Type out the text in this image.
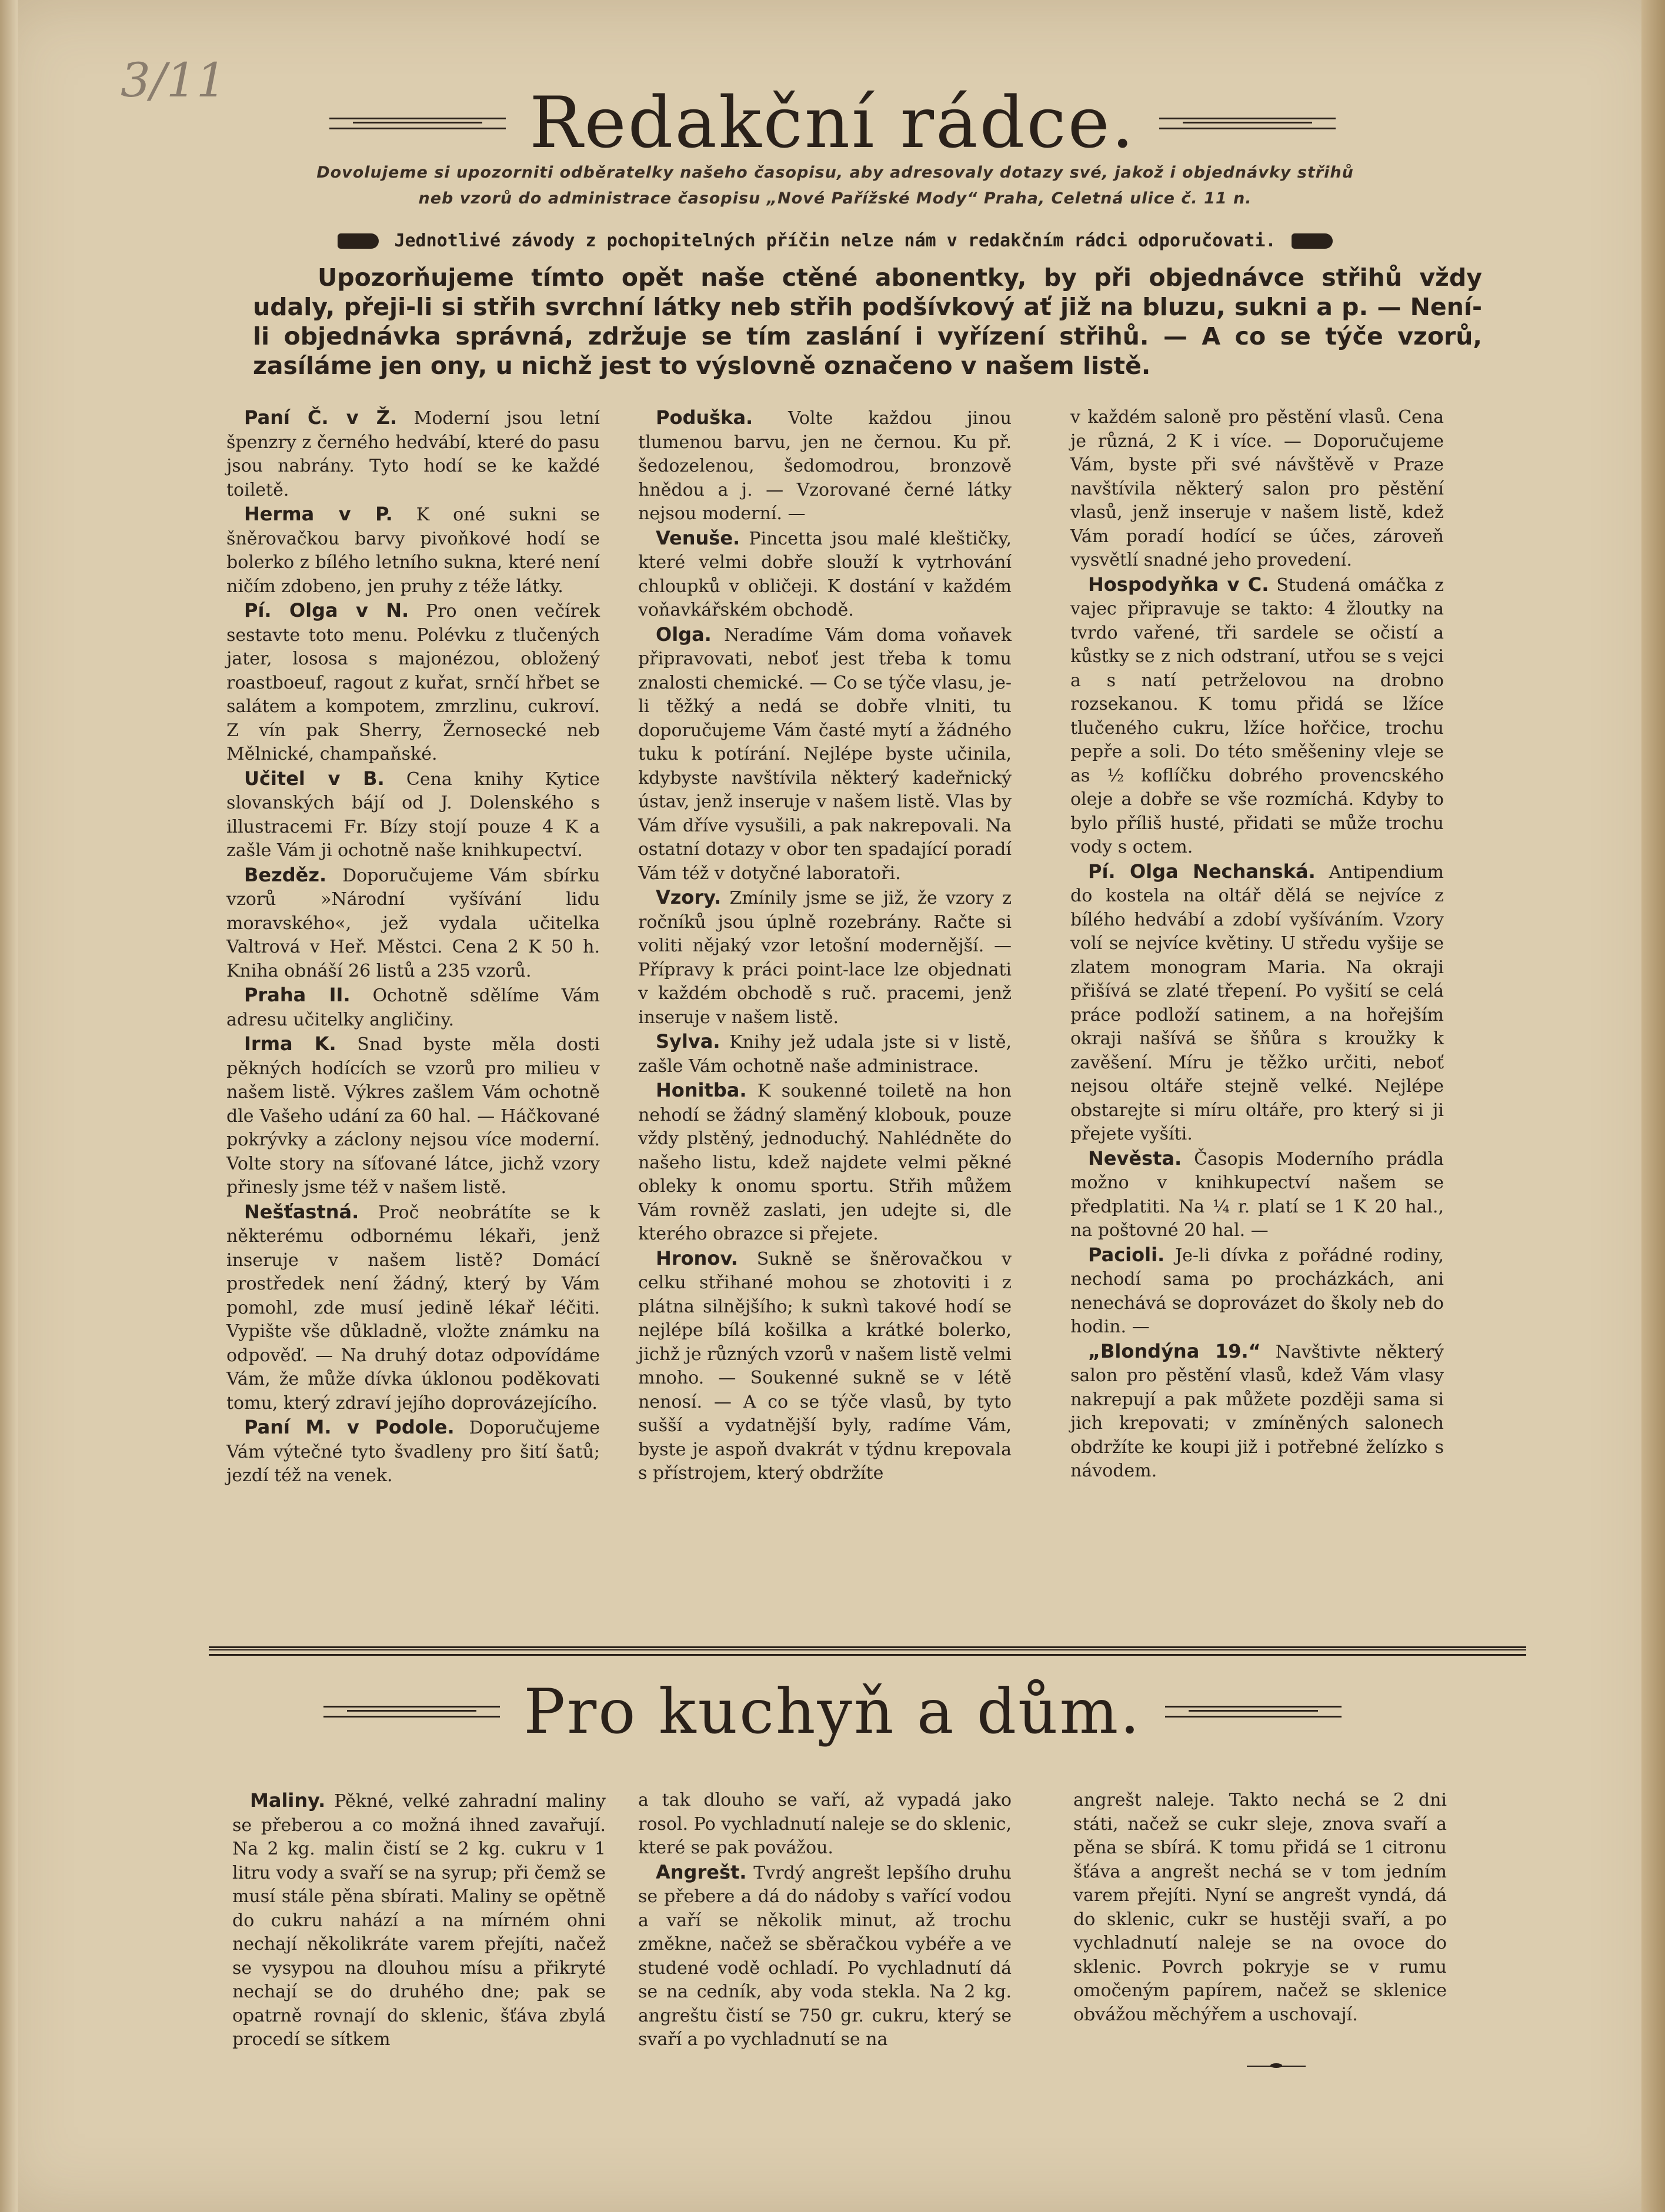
3/11
Redakční rádce.
Dovolujeme si upozorniti odběratelky našeho časopisu, aby adresovaly dotazy své, jakož i objednávky střihů
neb vzorů do administrace časopisu „Nové Pařížské Mody“ Praha, Celetná ulice č. 11 n.
Jednotlivé závody z pochopitelných příčin nelze nám v redakčním rádci odporučovati.
Upozorňujeme tímto opět naše ctěné abonentky, by při objednávce střihů vždy udaly, přeji-li si střih svrchní látky neb střih podšívkový ať již na bluzu, sukni a p. — Není-li objednávka správná, zdržuje se tím zaslání i vyřízení střihů. — A co se týče vzorů, zasíláme jen ony, u nichž jest to výslovně označeno v našem listě.

Paní Č. v Ž. Moderní jsou letní špenzry z černého hedvábí, které do pasu jsou nabrány. Tyto hodí se ke každé toiletě.

Herma v P. K oné sukni se šněrovačkou barvy pivoňkové hodí se bolerko z bílého letního sukna, které není ničím zdobeno, jen pruhy z téže látky.

Pí. Olga v N. Pro onen večírek sestavte toto menu. Polévku z tlučených jater, lososa s majonézou, obložený roastboeuf, ragout z kuřat, srnčí hřbet se salátem a kompotem, zmrzlinu, cukroví. Z vín pak Sherry, Žernosecké neb Mělnické, champaňské.

Učitel v B. Cena knihy Kytice slovanských bájí od J. Dolenského s illustracemi Fr. Bízy stojí pouze 4 K a zašle Vám ji ochotně naše knihkupectví.

Bezděz. Doporučujeme Vám sbírku vzorů »Národní vyšívání lidu moravského«, jež vydala učitelka Valtrová v Heř. Městci. Cena 2 K 50 h. Kniha obnáší 26 listů a 235 vzorů.

Praha II. Ochotně sdělíme Vám adresu učitelky angličiny.

Irma K. Snad byste měla dosti pěkných hodících se vzorů pro milieu v našem listě. Výkres zašlem Vám ochotně dle Vašeho udání za 60 hal. — Háčkované pokrývky a záclony nejsou více moderní. Volte story na síťované látce, jichž vzory přinesly jsme též v našem listě.

Nešťastná. Proč neobrátíte se k některému odbornému lékaři, jenž inseruje v našem listě? Domácí prostředek není žádný, který by Vám pomohl, zde musí jedině lékař léčiti. Vypište vše důkladně, vložte známku na odpověď. — Na druhý dotaz odpovídáme Vám, že může dívka úklonou poděkovati tomu, který zdraví jejího doprovázejícího.

Paní M. v Podole. Doporučujeme Vám výtečné tyto švadleny pro šití šatů; jezdí též na venek.

Poduška. Volte každou jinou tlumenou barvu, jen ne černou. Ku př. šedozelenou, šedomodrou, bronzově hnědou a j. — Vzorované černé látky nejsou moderní. —

Venuše. Pincetta jsou malé kleštičky, které velmi dobře slouží k vytrhování chloupků v obličeji. K dostání v každém voňavkářském obchodě.

Olga. Neradíme Vám doma voňavek připravovati, neboť jest třeba k tomu znalosti chemické. — Co se týče vlasu, je-li těžký a nedá se dobře vlniti, tu doporučujeme Vám časté mytí a žádného tuku k potírání. Nejlépe byste učinila, kdybyste navštívila některý kadeřnický ústav, jenž inseruje v našem listě. Vlas by Vám dříve vysušili, a pak nakrepovali. Na ostatní dotazy v obor ten spadající poradí Vám též v dotyčné laboratoři.

Vzory. Zmínily jsme se již, že vzory z ročníků jsou úplně rozebrány. Račte si voliti nějaký vzor letošní modernější. — Přípravy k práci point-lace lze objednati v každém obchodě s ruč. pracemi, jenž inseruje v našem listě.

Sylva. Knihy jež udala jste si v listě, zašle Vám ochotně naše administrace.

Honitba. K soukenné toiletě na hon nehodí se žádný slaměný klobouk, pouze vždy plstěný, jednoduchý. Nahlédněte do našeho listu, kdež najdete velmi pěkné obleky k onomu sportu. Střih můžem Vám rovněž zaslati, jen udejte si, dle kterého obrazce si přejete.

Hronov. Sukně se šněrovačkou v celku střihané mohou se zhotoviti i z plátna silnějšího; k suknì takové hodí se nejlépe bílá košilka a krátké bolerko, jichž je různých vzorů v našem listě velmi mnoho. — Soukenné sukně se v létě nenosí. — A co se týče vlasů, by tyto sušší a vydatnější byly, radíme Vám, byste je aspoň dvakrát v týdnu krepovala s přístrojem, který obdržíte

v každém saloně pro pěstění vlasů. Cena je různá, 2 K i více. — Doporučujeme Vám, byste při své návštěvě v Praze navštívila některý salon pro pěstění vlasů, jenž inseruje v našem listě, kdež Vám poradí hodící se účes, zároveň vysvětlí snadné jeho provedení.

Hospodyňka v C. Studená omáčka z vajec připravuje se takto: 4 žloutky na tvrdo vařené, tři sardele se očistí a kůstky se z nich odstraní, utřou se s vejci a s natí petrželovou na drobno rozsekanou. K tomu přidá se lžíce tlučeného cukru, lžíce hořčice, trochu pepře a soli. Do této směšeniny vleje se as ½ koflíčku dobrého provencského oleje a dobře se vše rozmíchá. Kdyby to bylo příliš husté, přidati se může trochu vody s octem.

Pí. Olga Nechanská. Antipendium do kostela na oltář dělá se nejvíce z bílého hedvábí a zdobí vyšíváním. Vzory volí se nejvíce květiny. U středu vyšije se zlatem monogram Maria. Na okraji přišívá se zlaté třepení. Po vyšití se celá práce podloží satinem, a na hořejším okraji našívá se šňůra s kroužky k zavěšení. Míru je těžko určiti, neboť nejsou oltáře stejně velké. Nejlépe obstarejte si míru oltáře, pro který si ji přejete vyšíti.

Nevěsta. Časopis Moderního prádla možno v knihkupectví našem se předplatiti. Na ¼ r. platí se 1 K 20 hal., na poštovné 20 hal. —

Pacioli. Je-li dívka z pořádné rodiny, nechodí sama po procházkách, ani nenechává se doprovázet do školy neb do hodin. —

„Blondýna 19.“ Navštivte některý salon pro pěstění vlasů, kdež Vám vlasy nakrepují a pak můžete později sama si jich krepovati; v zmíněných salonech obdržíte ke koupi již i potřebné želízko s návodem.

Pro kuchyň a dům.

Maliny. Pěkné, velké zahradní maliny se přeberou a co možná ihned zavařují. Na 2 kg. malin čistí se 2 kg. cukru v 1 litru vody a svaří se na syrup; při čemž se musí stále pěna sbírati. Maliny se opětně do cukru nahází a na mírném ohni nechají několikráte varem přejíti, načež se vysypou na dlouhou mísu a přikryté nechají se do druhého dne; pak se opatrně rovnají do sklenic, šťáva zbylá procedí se sítkem

a tak dlouho se vaří, až vypadá jako rosol. Po vychladnutí naleje se do sklenic, které se pak povážou.

Angrešt. Tvrdý angrešt lepšího druhu se přebere a dá do nádoby s vařící vodou a vaří se několik minut, až trochu změkne, načež se sběračkou vybéře a ve studené vodě ochladí. Po vychladnutí dá se na cedník, aby voda stekla. Na 2 kg. angreštu čistí se 750 gr. cukru, který se svaří a po vychladnutí se na

angrešt naleje. Takto nechá se 2 dni státi, načež se cukr sleje, znova svaří a pěna se sbírá. K tomu přidá se 1 citronu šťáva a angrešt nechá se v tom jedním varem přejíti. Nyní se angrešt vyndá, dá do sklenic, cukr se hustěji svaří, a po vychladnutí naleje se na ovoce do sklenic. Povrch pokryje se v rumu omočeným papírem, načež se sklenice obvážou měchýřem a uschovají.
